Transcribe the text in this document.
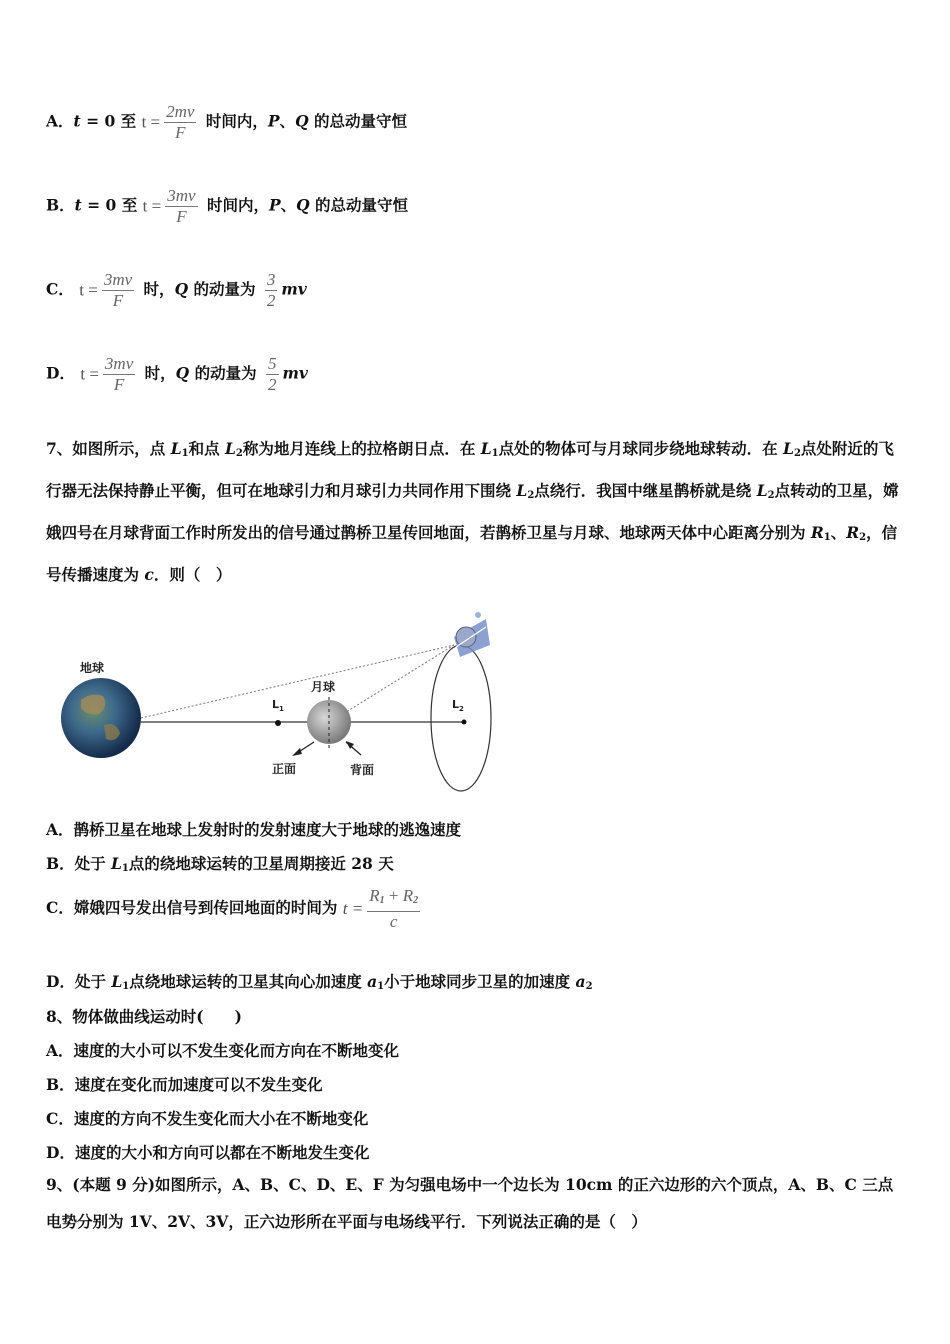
A．t = 0 至 $t = \frac{2mv}{F}$ 时间内，P、Q 的总动量守恒
B．t = 0 至 $t = \frac{3mv}{F}$ 时间内，P、Q 的总动量守恒
C． $t = \frac{3mv}{F}$ 时，Q 的动量为 $\frac{3}{2}$ mv
D． $t = \frac{3mv}{F}$ 时，Q 的动量为 $\frac{5}{2}$ mv
7、如图所示，点 $L_1$和点 $L_2$称为地月连线上的拉格朗日点．在 $L_1$点处的物体可与月球同步绕地球转动．在 $L_2$点处附近的飞行器无法保持静止平衡，但可在地球引力和月球引力共同作用下围绕 $L_2$点绕行．我国中继星鹊桥就是绕 $L_2$点转动的卫星，嫦娥四号在月球背面工作时所发出的信号通过鹊桥卫星传回地面，若鹊桥卫星与月球、地球两天体中心距离分别为 $R_1$、$R_2$，信号传播速度为 c．则（　）
地球
$L_1$
月球
正面	背面
$L_2$
A．鹊桥卫星在地球上发射时的发射速度大于地球的逃逸速度
B．处于 $L_1$点的绕地球运转的卫星周期接近 28 天
C．嫦娥四号发出信号到传回地面的时间为 $t = \frac{R_1 + R_2}{c}$
D．处于 $L_1$点绕地球运转的卫星其向心加速度 $a_1$小于地球同步卫星的加速度 $a_2$
8、物体做曲线运动时(　　)
A．速度的大小可以不发生变化而方向在不断地变化
B．速度在变化而加速度可以不发生变化
C．速度的方向不发生变化而大小在不断地变化
D．速度的大小和方向可以都在不断地发生变化
9、(本题 9 分)如图所示，A、B、C、D、E、F 为匀强电场中一个边长为 10cm 的正六边形的六个顶点，A、B、C 三点电势分别为 1V、2V、3V，正六边形所在平面与电场线平行．下列说法正确的是（　）
